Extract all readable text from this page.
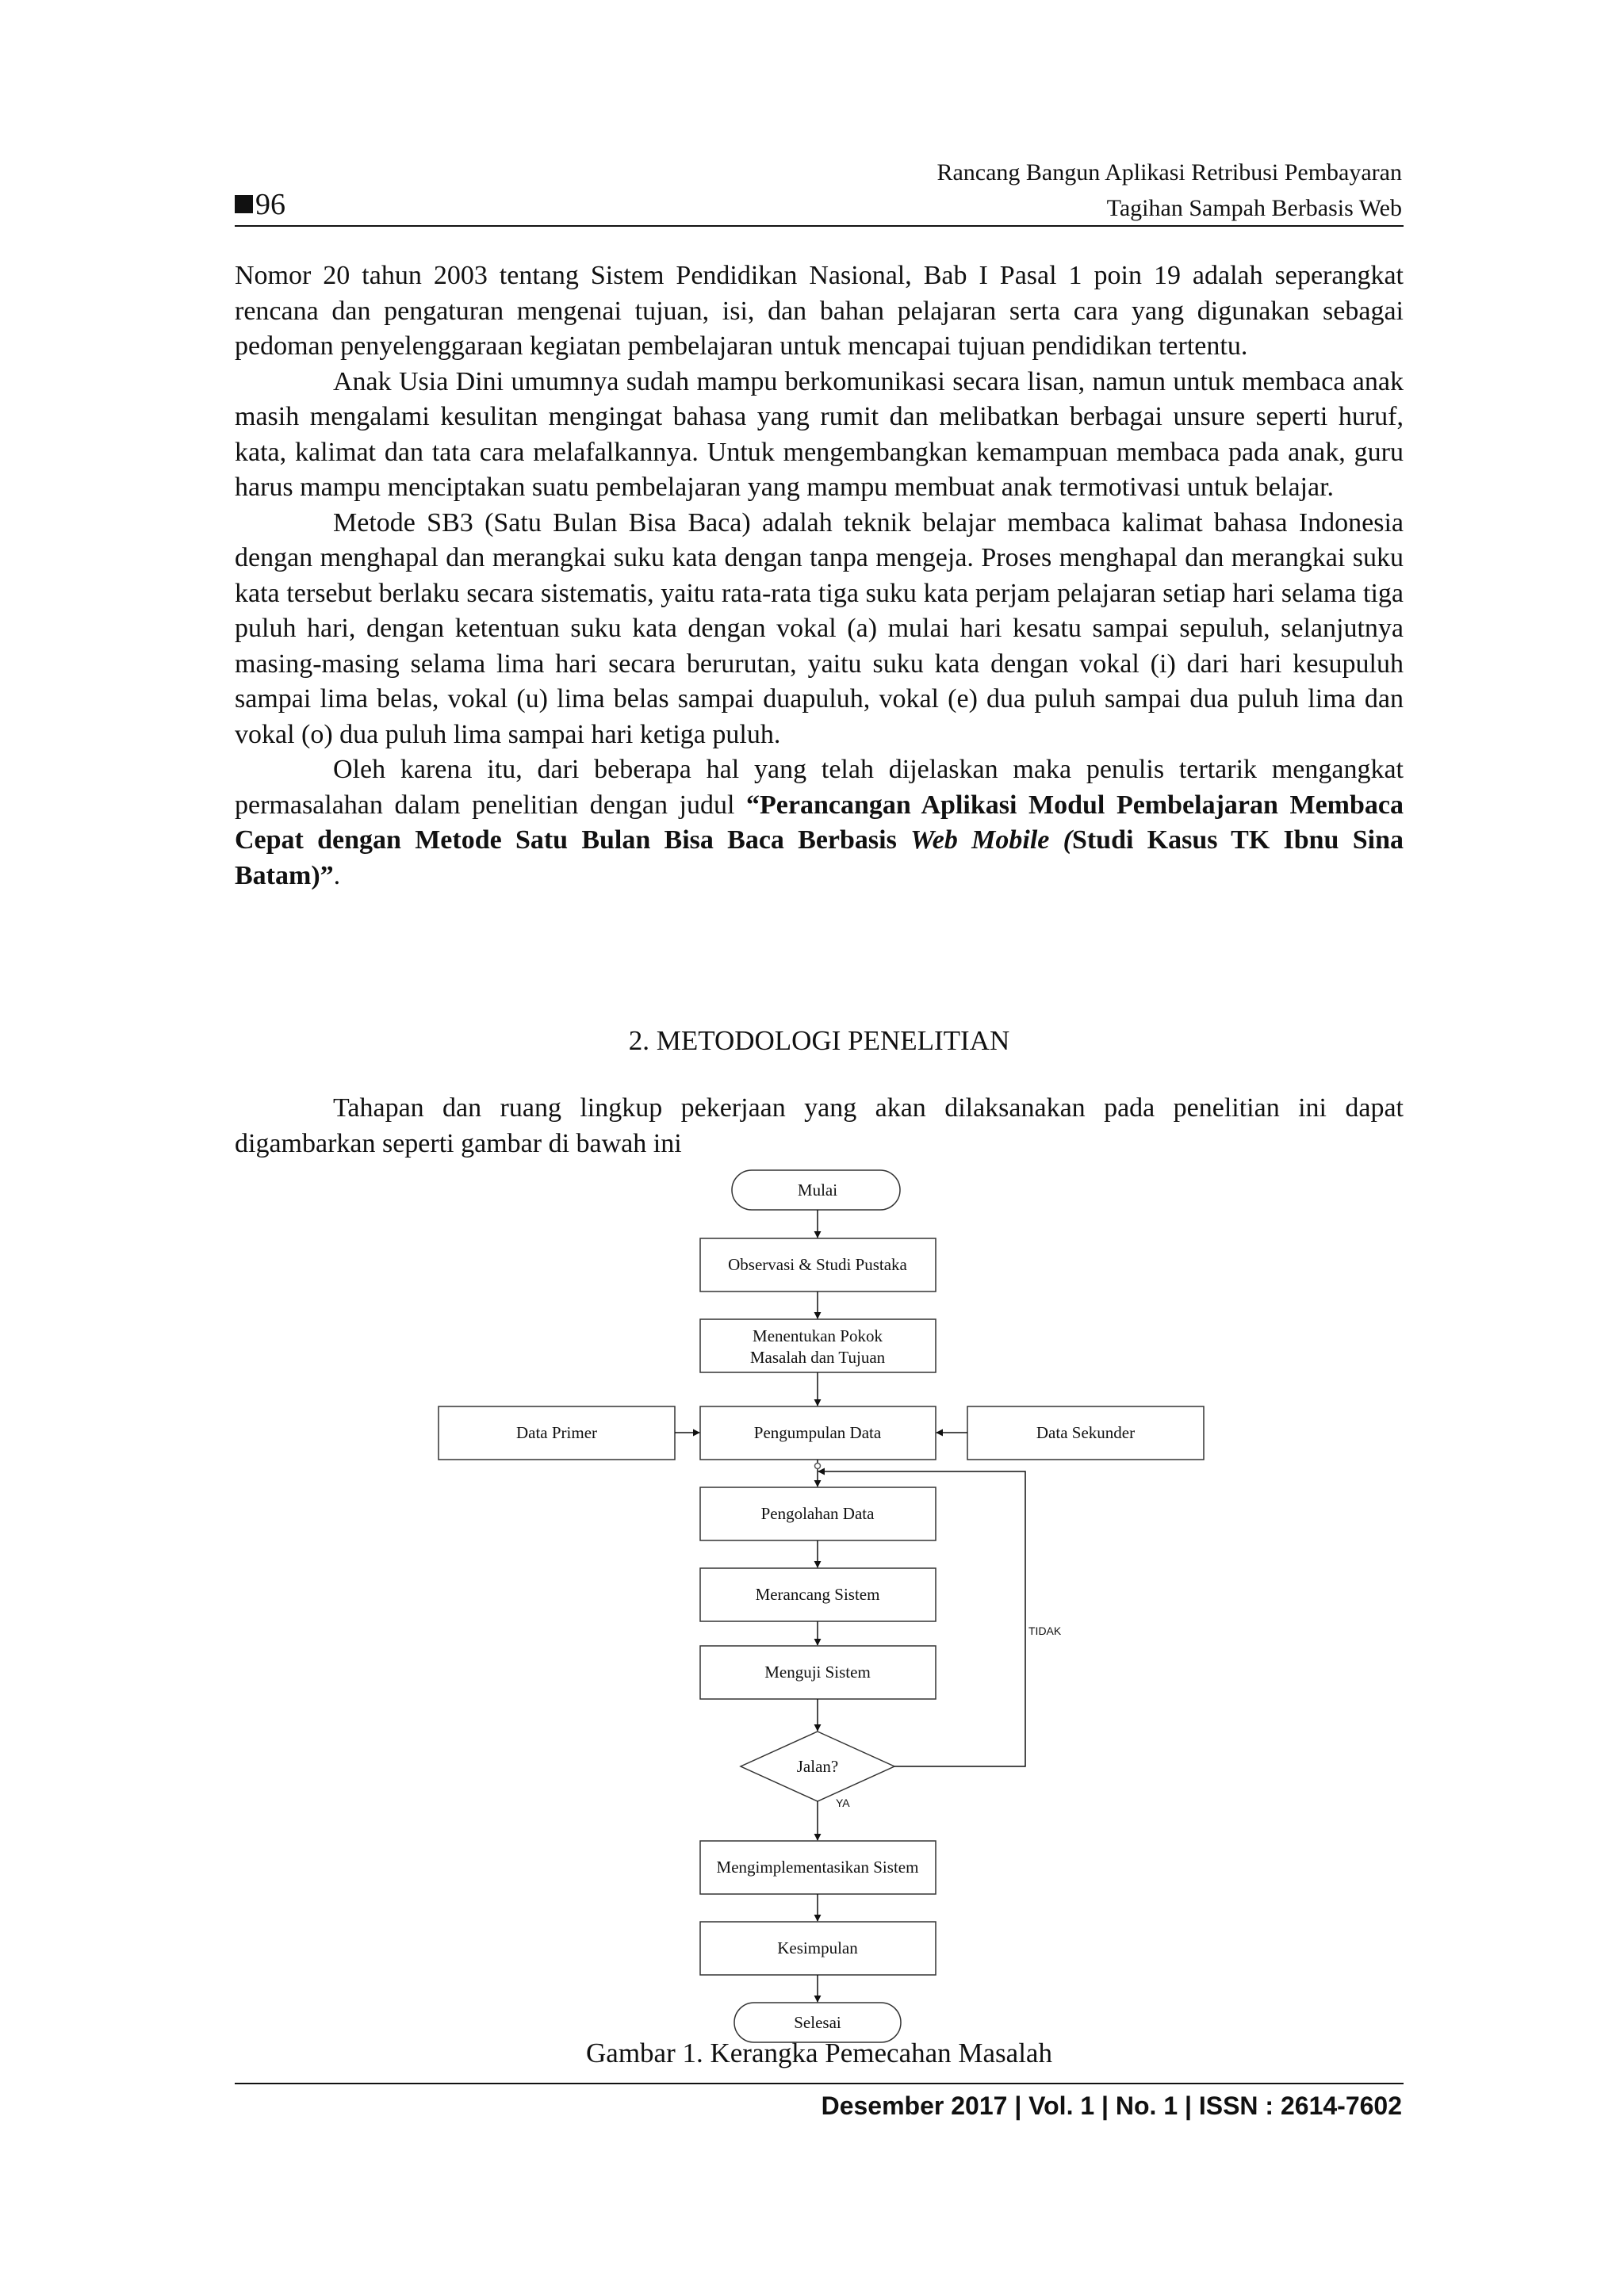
Rancang Bangun Aplikasi Retribusi Pembayaran
Tagihan Sampah Berbasis Web
96

Nomor 20 tahun 2003 tentang Sistem Pendidikan Nasional, Bab I Pasal 1 poin 19 adalah seperangkat rencana dan pengaturan mengenai tujuan, isi, dan bahan pelajaran serta cara yang digunakan sebagai pedoman penyelenggaraan kegiatan pembelajaran untuk mencapai tujuan pendidikan tertentu.

Anak Usia Dini umumnya sudah mampu berkomunikasi secara lisan, namun untuk membaca anak masih mengalami kesulitan mengingat bahasa yang rumit dan melibatkan berbagai unsure seperti huruf, kata, kalimat dan tata cara melafalkannya. Untuk mengembangkan kemampuan membaca pada anak, guru harus mampu menciptakan suatu pembelajaran yang mampu membuat anak termotivasi untuk belajar.

Metode SB3 (Satu Bulan Bisa Baca) adalah teknik belajar membaca kalimat bahasa Indonesia dengan menghapal dan merangkai suku kata dengan tanpa mengeja. Proses menghapal dan merangkai suku kata tersebut berlaku secara sistematis, yaitu rata-rata tiga suku kata perjam pelajaran setiap hari selama tiga puluh hari, dengan ketentuan suku kata dengan vokal (a) mulai hari kesatu sampai sepuluh, selanjutnya masing-masing selama lima hari secara berurutan, yaitu suku kata dengan vokal (i) dari hari kesupuluh sampai lima belas, vokal (u) lima belas sampai duapuluh, vokal (e) dua puluh sampai dua puluh lima dan vokal (o) dua puluh lima sampai hari ketiga puluh.

Oleh karena itu, dari beberapa hal yang telah dijelaskan maka penulis tertarik mengangkat permasalahan dalam penelitian dengan judul “Perancangan Aplikasi Modul Pembelajaran Membaca Cepat dengan Metode Satu Bulan Bisa Baca Berbasis Web Mobile (Studi Kasus TK Ibnu Sina Batam)”.

2. METODOLOGI PENELITIAN

Tahapan dan ruang lingkup pekerjaan yang akan dilaksanakan pada penelitian ini dapat digambarkan seperti gambar di bawah ini

Mulai
Observasi & Studi Pustaka
Menentukan Pokok
Masalah dan Tujuan
Data Primer	Pengumpulan Data	Data Sekunder
Pengolahan Data
Merancang Sistem
Menguji Sistem
Jalan?
Mengimplementasikan Sistem
Kesimpulan
Selesai
TIDAK
YA
Gambar 1. Kerangka Pemecahan Masalah
Desember 2017 | Vol. 1 | No. 1 | ISSN : 2614-7602
